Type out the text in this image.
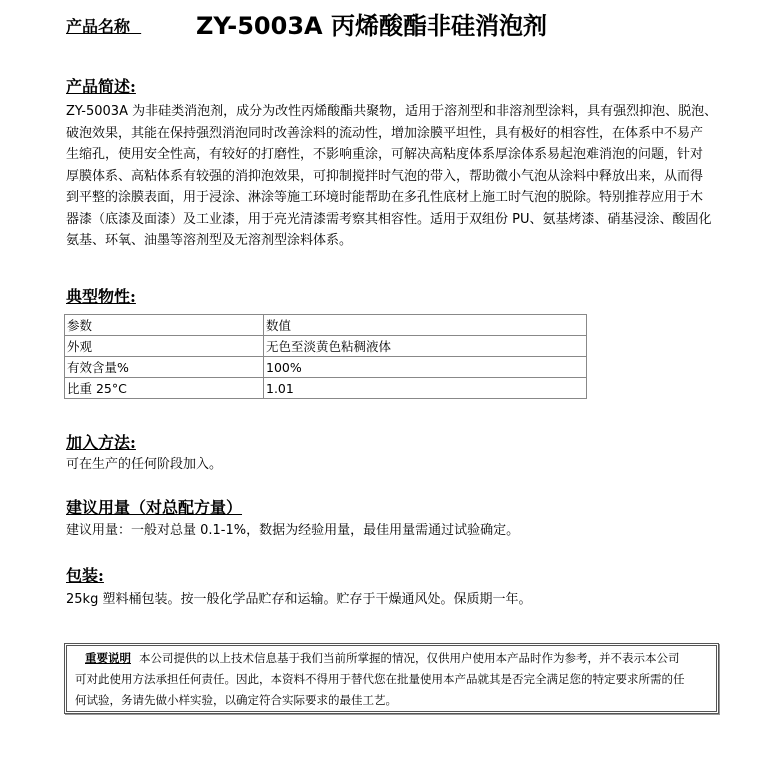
产品名称 ZY-5003A 丙烯酸酯非硅消泡剂
产品简述:
ZY-5003A 为非硅类消泡剂，成分为改性丙烯酸酯共聚物，适用于溶剂型和非溶剂型涂料，具有强烈抑泡、脱泡、
破泡效果，其能在保持强烈消泡同时改善涂料的流动性，增加涂膜平坦性，具有极好的相容性，在体系中不易产
生缩孔，使用安全性高，有较好的打磨性，不影响重涂，可解决高粘度体系厚涂体系易起泡难消泡的问题，针对
厚膜体系、高粘体系有较强的消抑泡效果，可抑制搅拌时气泡的带入，帮助微小气泡从涂料中释放出来，从而得
到平整的涂膜表面，用于浸涂、淋涂等施工环境时能帮助在多孔性底材上施工时气泡的脱除。特别推荐应用于木
器漆（底漆及面漆）及工业漆，用于亮光清漆需考察其相容性。适用于双组份 PU、氨基烤漆、硝基浸涂、酸固化
氨基、环氧、油墨等溶剂型及无溶剂型涂料体系。
典型物性:
参数	数值
外观	无色至淡黄色粘稠液体
有效含量%	100%
比重 25°C	1.01
加入方法:
可在生产的任何阶段加入。
建议用量（对总配方量）
建议用量：一般对总量 0.1-1%，数据为经验用量，最佳用量需通过试验确定。
包装:
25kg 塑料桶包装。按一般化学品贮存和运输。贮存于干燥通风处。保质期一年。
重要说明 本公司提供的以上技术信息基于我们当前所掌握的情况，仅供用户使用本产品时作为参考，并不表示本公司
可对此使用方法承担任何责任。因此，本资料不得用于替代您在批量使用本产品就其是否完全满足您的特定要求所需的任
何试验，务请先做小样实验，以确定符合实际要求的最佳工艺。
